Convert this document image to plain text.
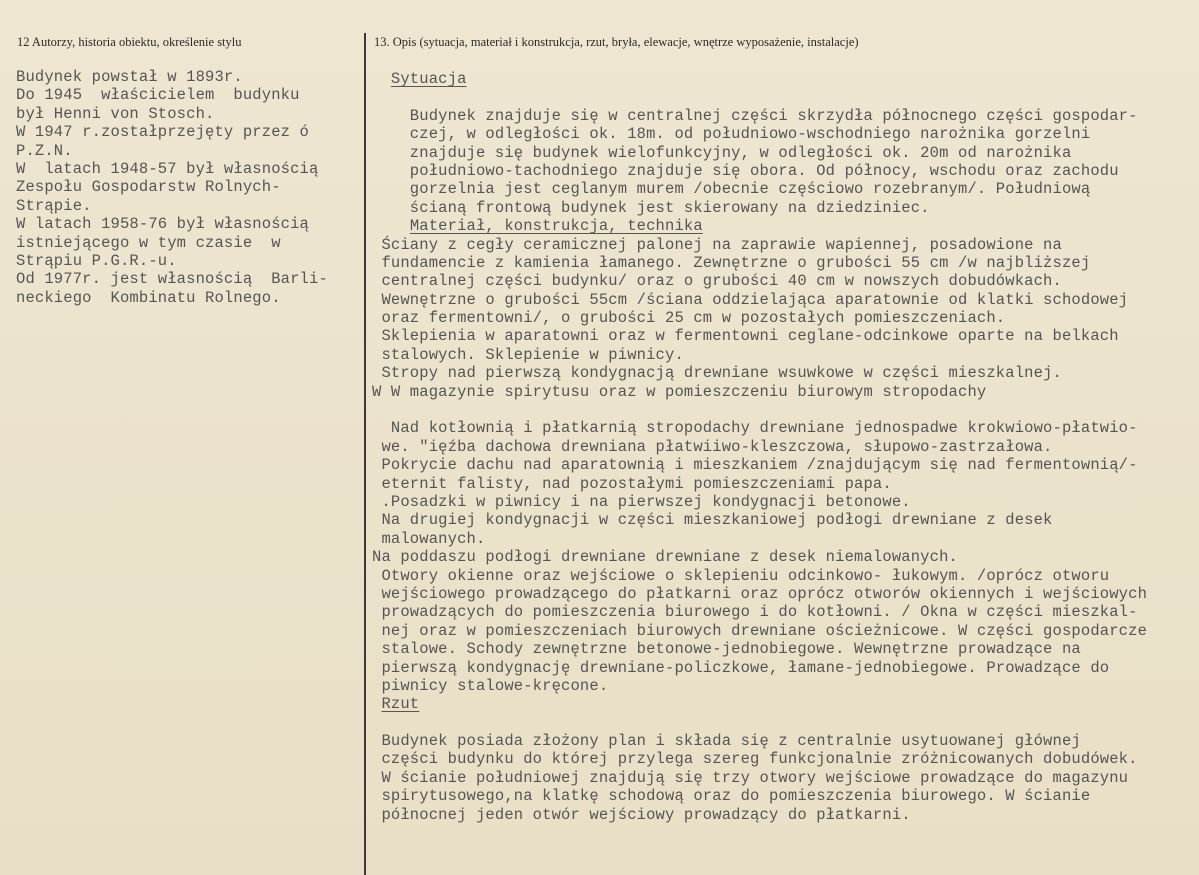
12 Autorzy, historia obiektu, określenie stylu	13. Opis (sytuacja, materiał i konstrukcja, rzut, bryła, elewacje, wnętrze wyposażenie, instalacje)
Budynek powstał w 1893r.
Do 1945  właścicielem  budynku
był Henni von Stosch.
W 1947 r.zostałprzejęty przez ó
P.Z.N.
W  latach 1948-57 był własnością
Zespołu Gospodarstw Rolnych-
Strąpie.
W latach 1958-76 był własnością
istniejącego w tym czasie  w
Strąpiu P.G.R.-u.
Od 1977r. jest własnością  Barli-
neckiego  Kombinatu Rolnego.
Sytuacja
Budynek znajduje się w centralnej części skrzydła północnego części gospodar-
czej, w odległości ok. 18m. od południowo-wschodniego narożnika gorzelni
znajduje się budynek wielofunkcyjny, w odległości ok. 20m od narożnika
południowo-tachodniego znajduje się obora. Od północy, wschodu oraz zachodu
gorzelnia jest ceglanym murem /obecnie częściowo rozebranym/. Południową
ścianą frontową budynek jest skierowany na dziedziniec.
Materiał, konstrukcja, technika
Ściany z cegły ceramicznej palonej na zaprawie wapiennej, posadowione na
fundamencie z kamienia łamanego. Zewnętrzne o grubości 55 cm /w najbliższej
centralnej części budynku/ oraz o grubości 40 cm w nowszych dobudówkach.
Wewnętrzne o grubości 55cm /ściana oddzielająca aparatownie od klatki schodowej
oraz fermentowni/, o grubości 25 cm w pozostałych pomieszczeniach.
Sklepienia w aparatowni oraz w fermentowni ceglane-odcinkowe oparte na belkach
stalowych. Sklepienie w piwnicy.
Stropy nad pierwszą kondygnacją drewniane wsuwkowe w części mieszkalnej.
W W magazynie spirytusu oraz w pomieszczeniu biurowym stropodachy
Nad kotłownią i płatkarnią stropodachy drewniane jednospadwe krokwiowo-płatwio-
we. "ięźba dachowa drewniana płatwiiwo-kleszczowa, słupowo-zastrzałowa.
Pokrycie dachu nad aparatownią i mieszkaniem /znajdującym się nad fermentownią/-
eternit falisty, nad pozostałymi pomieszczeniami papa.
.Posadzki w piwnicy i na pierwszej kondygnacji betonowe.
Na drugiej kondygnacji w części mieszkaniowej podłogi drewniane z desek
malowanych.
Na poddaszu podłogi drewniane drewniane z desek niemalowanych.
Otwory okienne oraz wejściowe o sklepieniu odcinkowo- łukowym. /oprócz otworu
wejściowego prowadzącego do płatkarni oraz oprócz otworów okiennych i wejściowych
prowadzących do pomieszczenia biurowego i do kotłowni. / Okna w części mieszkal-
nej oraz w pomieszczeniach biurowych drewniane ościeżnicowe. W części gospodarcze
stalowe. Schody zewnętrzne betonowe-jednobiegowe. Wewnętrzne prowadzące na
pierwszą kondygnację drewniane-policzkowe, łamane-jednobiegowe. Prowadzące do
piwnicy stalowe-kręcone.
Rzut
Budynek posiada złożony plan i składa się z centralnie usytuowanej głównej
części budynku do której przylega szereg funkcjonalnie zróżnicowanych dobudówek.
W ścianie południowej znajdują się trzy otwory wejściowe prowadzące do magazynu
spirytusowego,na klatkę schodową oraz do pomieszczenia biurowego. W ścianie
północnej jeden otwór wejściowy prowadzący do płatkarni.
